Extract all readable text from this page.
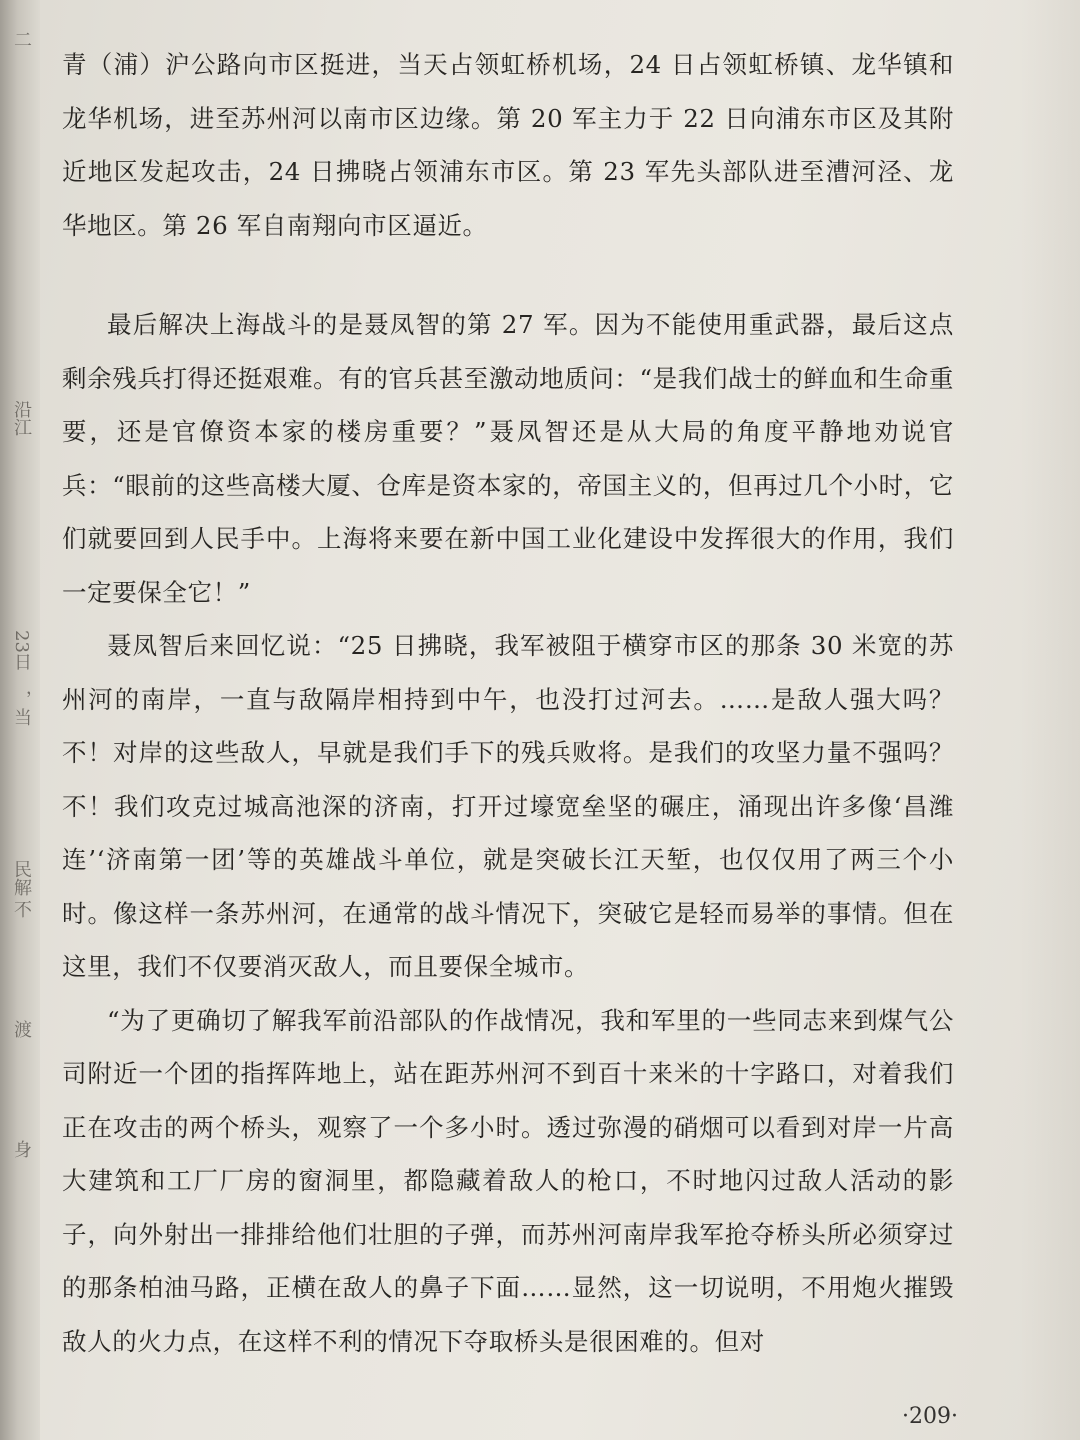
二
沿江
23日
，当
民解
不
渡
身

青（浦）沪公路向市区挺进，当天占领虹桥机场，24 日占领虹桥镇、龙华镇和龙华机场，进至苏州河以南市区边缘。第 20 军主力于 22 日向浦东市区及其附近地区发起攻击，24 日拂晓占领浦东市区。第 23 军先头部队进至漕河泾、龙华地区。第 26 军自南翔向市区逼近。

最后解决上海战斗的是聂凤智的第 27 军。因为不能使用重武器，最后这点剩余残兵打得还挺艰难。有的官兵甚至激动地质问：“是我们战士的鲜血和生命重要，还是官僚资本家的楼房重要？”聂凤智还是从大局的角度平静地劝说官兵：“眼前的这些高楼大厦、仓库是资本家的，帝国主义的，但再过几个小时，它们就要回到人民手中。上海将来要在新中国工业化建设中发挥很大的作用，我们一定要保全它！”

聂凤智后来回忆说：“25 日拂晓，我军被阻于横穿市区的那条 30 米宽的苏州河的南岸，一直与敌隔岸相持到中午，也没打过河去。……是敌人强大吗？不！对岸的这些敌人，早就是我们手下的残兵败将。是我们的攻坚力量不强吗？不！我们攻克过城高池深的济南，打开过壕宽垒坚的碾庄，涌现出许多像‘昌潍连’‘济南第一团’等的英雄战斗单位，就是突破长江天堑，也仅仅用了两三个小时。像这样一条苏州河，在通常的战斗情况下，突破它是轻而易举的事情。但在这里，我们不仅要消灭敌人，而且要保全城市。

“为了更确切了解我军前沿部队的作战情况，我和军里的一些同志来到煤气公司附近一个团的指挥阵地上，站在距苏州河不到百十来米的十字路口，对着我们正在攻击的两个桥头，观察了一个多小时。透过弥漫的硝烟可以看到对岸一片高大建筑和工厂厂房的窗洞里，都隐藏着敌人的枪口，不时地闪过敌人活动的影子，向外射出一排排给他们壮胆的子弹，而苏州河南岸我军抢夺桥头所必须穿过的那条柏油马路，正横在敌人的鼻子下面……显然，这一切说明，不用炮火摧毁敌人的火力点，在这样不利的情况下夺取桥头是很困难的。但对

·209·
